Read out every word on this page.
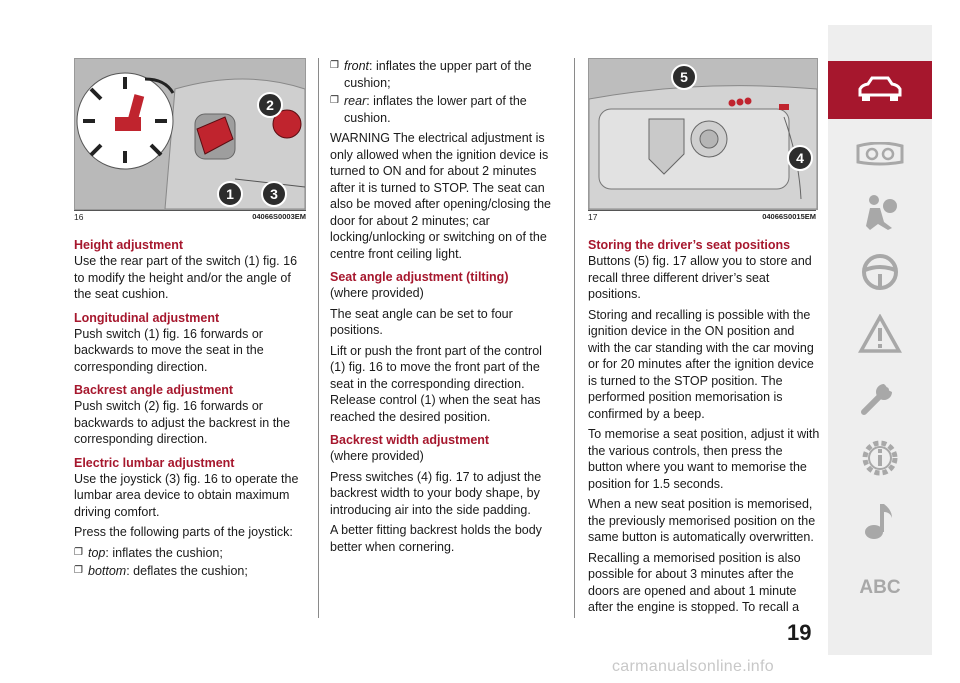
2
1	3
16	04066S0003EM
5
4
17	04066S0015EM
Height adjustment

Use the rear part of the switch (1) fig. 16 to modify the height and/or the angle of the seat cushion.

Longitudinal adjustment

Push switch (1) fig. 16 forwards or backwards to move the seat in the corresponding direction.

Backrest angle adjustment

Push switch (2) fig. 16 forwards or backwards to adjust the backrest in the corresponding direction.

Electric lumbar adjustment

Use the joystick (3) fig. 16 to operate the lumbar area device to obtain maximum driving comfort.

Press the following parts of the joystick:

❐ top: inflates the cushion;
❐ bottom: deflates the cushion;
❐ front: inflates the upper part of the cushion;
❐ rear: inflates the lower part of the cushion.

WARNING The electrical adjustment is only allowed when the ignition device is turned to ON and for about 2 minutes after it is turned to STOP. The seat can also be moved after opening/closing the door for about 2 minutes; car locking/unlocking or switching on of the centre front ceiling light.

Seat angle adjustment (tilting)

(where provided)

The seat angle can be set to four positions.

Lift or push the front part of the control (1) fig. 16 to move the front part of the seat in the corresponding direction. Release control (1) when the seat has reached the desired position.

Backrest width adjustment

(where provided)

Press switches (4) fig. 17 to adjust the backrest width to your body shape, by introducing air into the side padding.

A better fitting backrest holds the body better when cornering.

Storing the driver’s seat positions

Buttons (5) fig. 17 allow you to store and recall three different driver’s seat positions.

Storing and recalling is possible with the ignition device in the ON position and with the car standing with the car moving or for 20 minutes after the ignition device is turned to the STOP position. The performed position memorisation is confirmed by a beep.

To memorise a seat position, adjust it with the various controls, then press the button where you want to memorise the position for 1.5 seconds.

When a new seat position is memorised, the previously memorised position on the same button is automatically overwritten.

Recalling a memorised position is also possible for about 3 minutes after the doors are opened and about 1 minute after the engine is stopped. To recall a

19
ABC
carmanualsonline.info
